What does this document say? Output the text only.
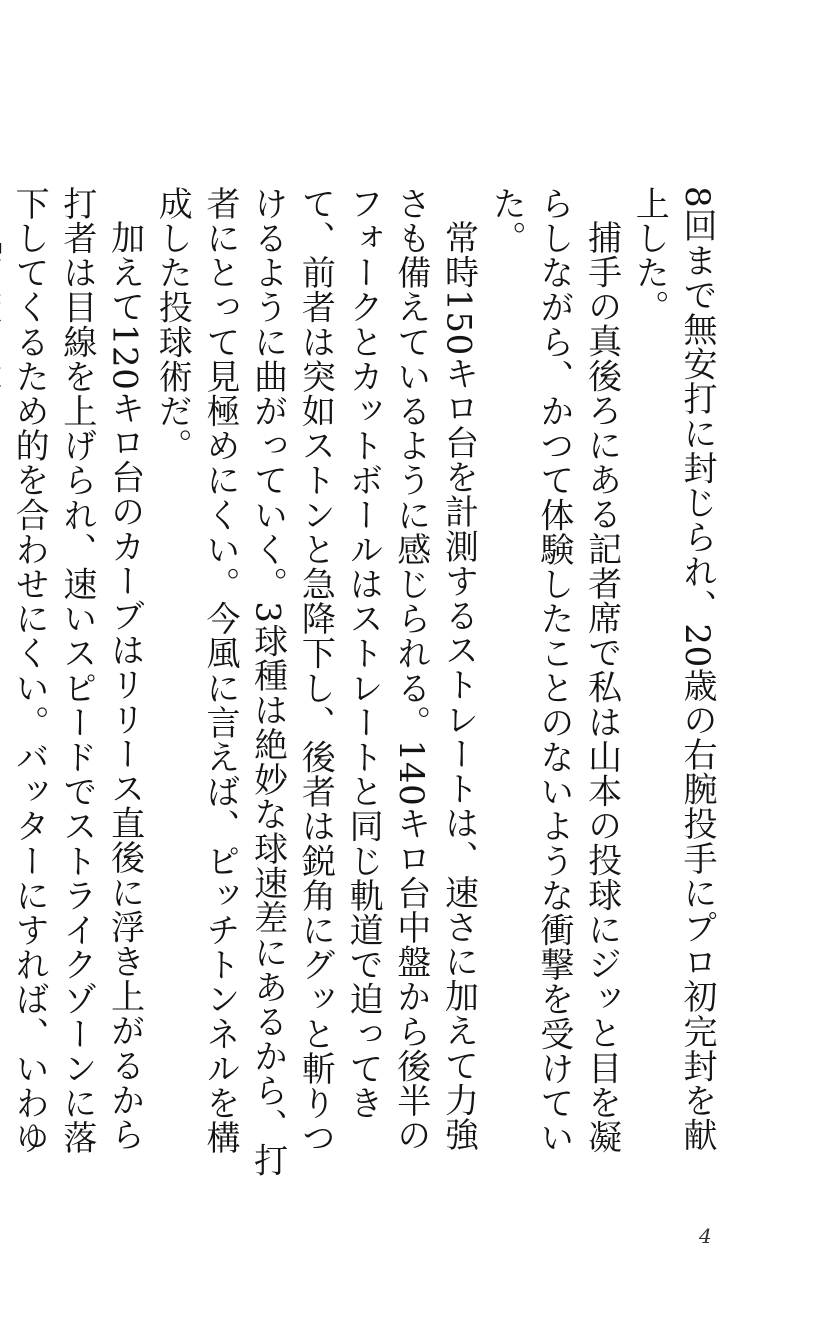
8回まで無安打に封じられ、20歳の右腕投手にプロ初完封を献上した。

捕手の真後ろにある記者席で私は山本の投球にジッと目を凝らしながら、かつて体験したことのないような衝撃を受けていた。

常時150キロ台を計測するストレートは、速さに加えて力強さも備えているように感じられる。140キロ台中盤から後半のフォークとカットボールはストレートと同じ軌道で迫ってきて、前者は突如ストンと急降下し、後者は鋭角にグッと斬りつけるように曲がっていく。3球種は絶妙な球速差にあるから、打者にとって見極めにくい。今風に言えば、ピッチトンネルを構成した投球術だ。

加えて120キロ台のカーブはリリース直後に浮き上がるから打者は目線を上げられ、速いスピードでストライクゾーンに落下してくるため的を合わせにくい。バッターにすれば、いわゆ

4
